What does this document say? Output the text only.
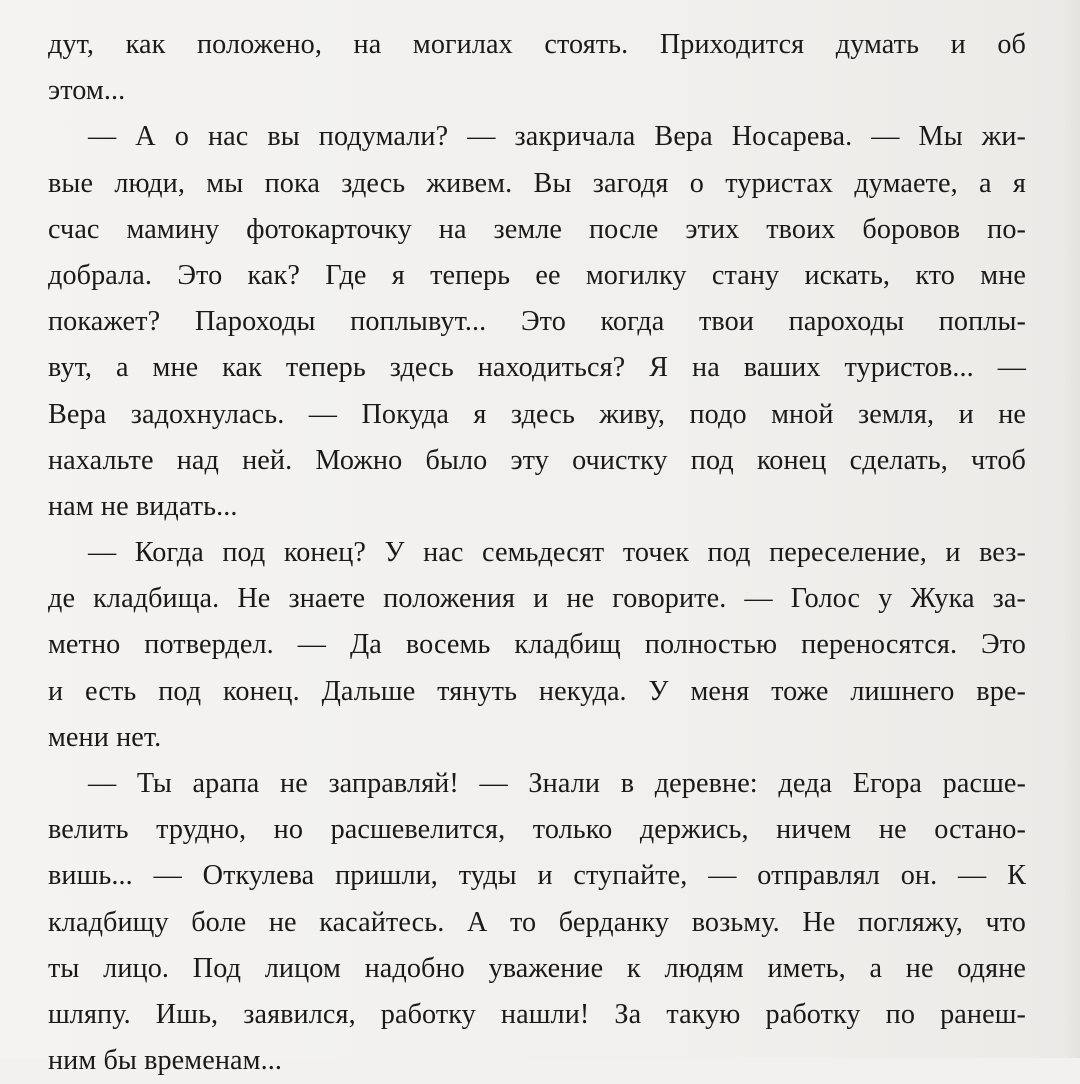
дут, как положено, на могилах стоять. Приходится думать и об
этом...
— А о нас вы подумали? — закричала Вера Носарева. — Мы жи-
вые люди, мы пока здесь живем. Вы загодя о туристах думаете, а я
счас мамину фотокарточку на земле после этих твоих боровов по-
добрала. Это как? Где я теперь ее могилку стану искать, кто мне
покажет? Пароходы поплывут... Это когда твои пароходы поплы-
вут, а мне как теперь здесь находиться? Я на ваших туристов... —
Вера задохнулась. — Покуда я здесь живу, подо мной земля, и не
нахальте над ней. Можно было эту очистку под конец сделать, чтоб
нам не видать...
— Когда под конец? У нас семьдесят точек под переселение, и вез-
де кладбища. Не знаете положения и не говорите. — Голос у Жука за-
метно потвердел. — Да восемь кладбищ полностью переносятся. Это
и есть под конец. Дальше тянуть некуда. У меня тоже лишнего вре-
мени нет.
— Ты арапа не заправляй! — Знали в деревне: деда Егора расше-
велить трудно, но расшевелится, только держись, ничем не остано-
вишь... — Откулева пришли, туды и ступайте, — отправлял он. — К
кладбищу боле не касайтесь. А то берданку возьму. Не погляжу, что
ты лицо. Под лицом надобно уважение к людям иметь, а не одяне
шляпу. Ишь, заявился, работку нашли! За такую работку по ранеш-
ним бы временам...
